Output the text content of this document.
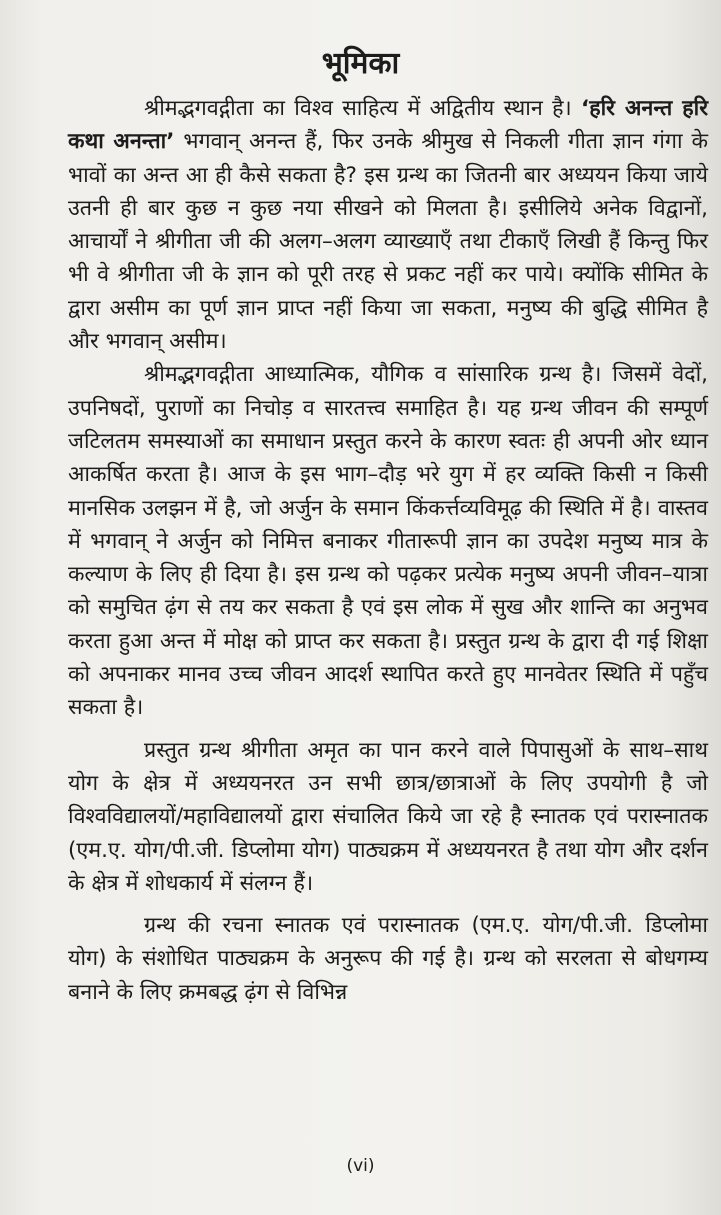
भूमिका

श्रीमद्भगवद्गीता का विश्व साहित्य में अद्वितीय स्थान है। ‘हरि अनन्त हरि कथा अनन्ता’ भगवान् अनन्त हैं, फिर उनके श्रीमुख से निकली गीता ज्ञान गंगा के भावों का अन्त आ ही कैसे सकता है? इस ग्रन्थ का जितनी बार अध्ययन किया जाये उतनी ही बार कुछ न कुछ नया सीखने को मिलता है। इसीलिये अनेक विद्वानों, आचार्यों ने श्रीगीता जी की अलग–अलग व्याख्याएँ तथा टीकाएँ लिखी हैं किन्तु फिर भी वे श्रीगीता जी के ज्ञान को पूरी तरह से प्रकट नहीं कर पाये। क्योंकि सीमित के द्वारा असीम का पूर्ण ज्ञान प्राप्त नहीं किया जा सकता, मनुष्य की बुद्धि सीमित है और भगवान् असीम।

श्रीमद्भगवद्गीता आध्यात्मिक, यौगिक व सांसारिक ग्रन्थ है। जिसमें वेदों, उपनिषदों, पुराणों का निचोड़ व सारतत्त्व समाहित है। यह ग्रन्थ जीवन की सम्पूर्ण जटिलतम समस्याओं का समाधान प्रस्तुत करने के कारण स्वतः ही अपनी ओर ध्यान आकर्षित करता है। आज के इस भाग–दौड़ भरे युग में हर व्यक्ति किसी न किसी मानसिक उलझन में है, जो अर्जुन के समान किंकर्त्तव्यविमूढ़ की स्थिति में है। वास्तव में भगवान् ने अर्जुन को निमित्त बनाकर गीतारूपी ज्ञान का उपदेश मनुष्य मात्र के कल्याण के लिए ही दिया है। इस ग्रन्थ को पढ़कर प्रत्येक मनुष्य अपनी जीवन–यात्रा को समुचित ढ़ंग से तय कर सकता है एवं इस लोक में सुख और शान्ति का अनुभव करता हुआ अन्त में मोक्ष को प्राप्त कर सकता है। प्रस्तुत ग्रन्थ के द्वारा दी गई शिक्षा को अपनाकर मानव उच्च जीवन आदर्श स्थापित करते हुए मानवेतर स्थिति में पहुँच सकता है।

प्रस्तुत ग्रन्थ श्रीगीता अमृत का पान करने वाले पिपासुओं के साथ–साथ योग के क्षेत्र में अध्ययनरत उन सभी छात्र/छात्राओं के लिए उपयोगी है जो विश्वविद्यालयों/महाविद्यालयों द्वारा संचालित किये जा रहे है स्नातक एवं परास्नातक (एम.ए. योग/पी.जी. डिप्लोमा योग) पाठ्यक्रम में अध्ययनरत है तथा योग और दर्शन के क्षेत्र में शोधकार्य में संलग्न हैं।

ग्रन्थ की रचना स्नातक एवं परास्नातक (एम.ए. योग/पी.जी. डिप्लोमा योग) के संशोधित पाठ्यक्रम के अनुरूप की गई है। ग्रन्थ को सरलता से बोधगम्य बनाने के लिए क्रमबद्ध ढ़ंग से विभिन्न

(vi)
